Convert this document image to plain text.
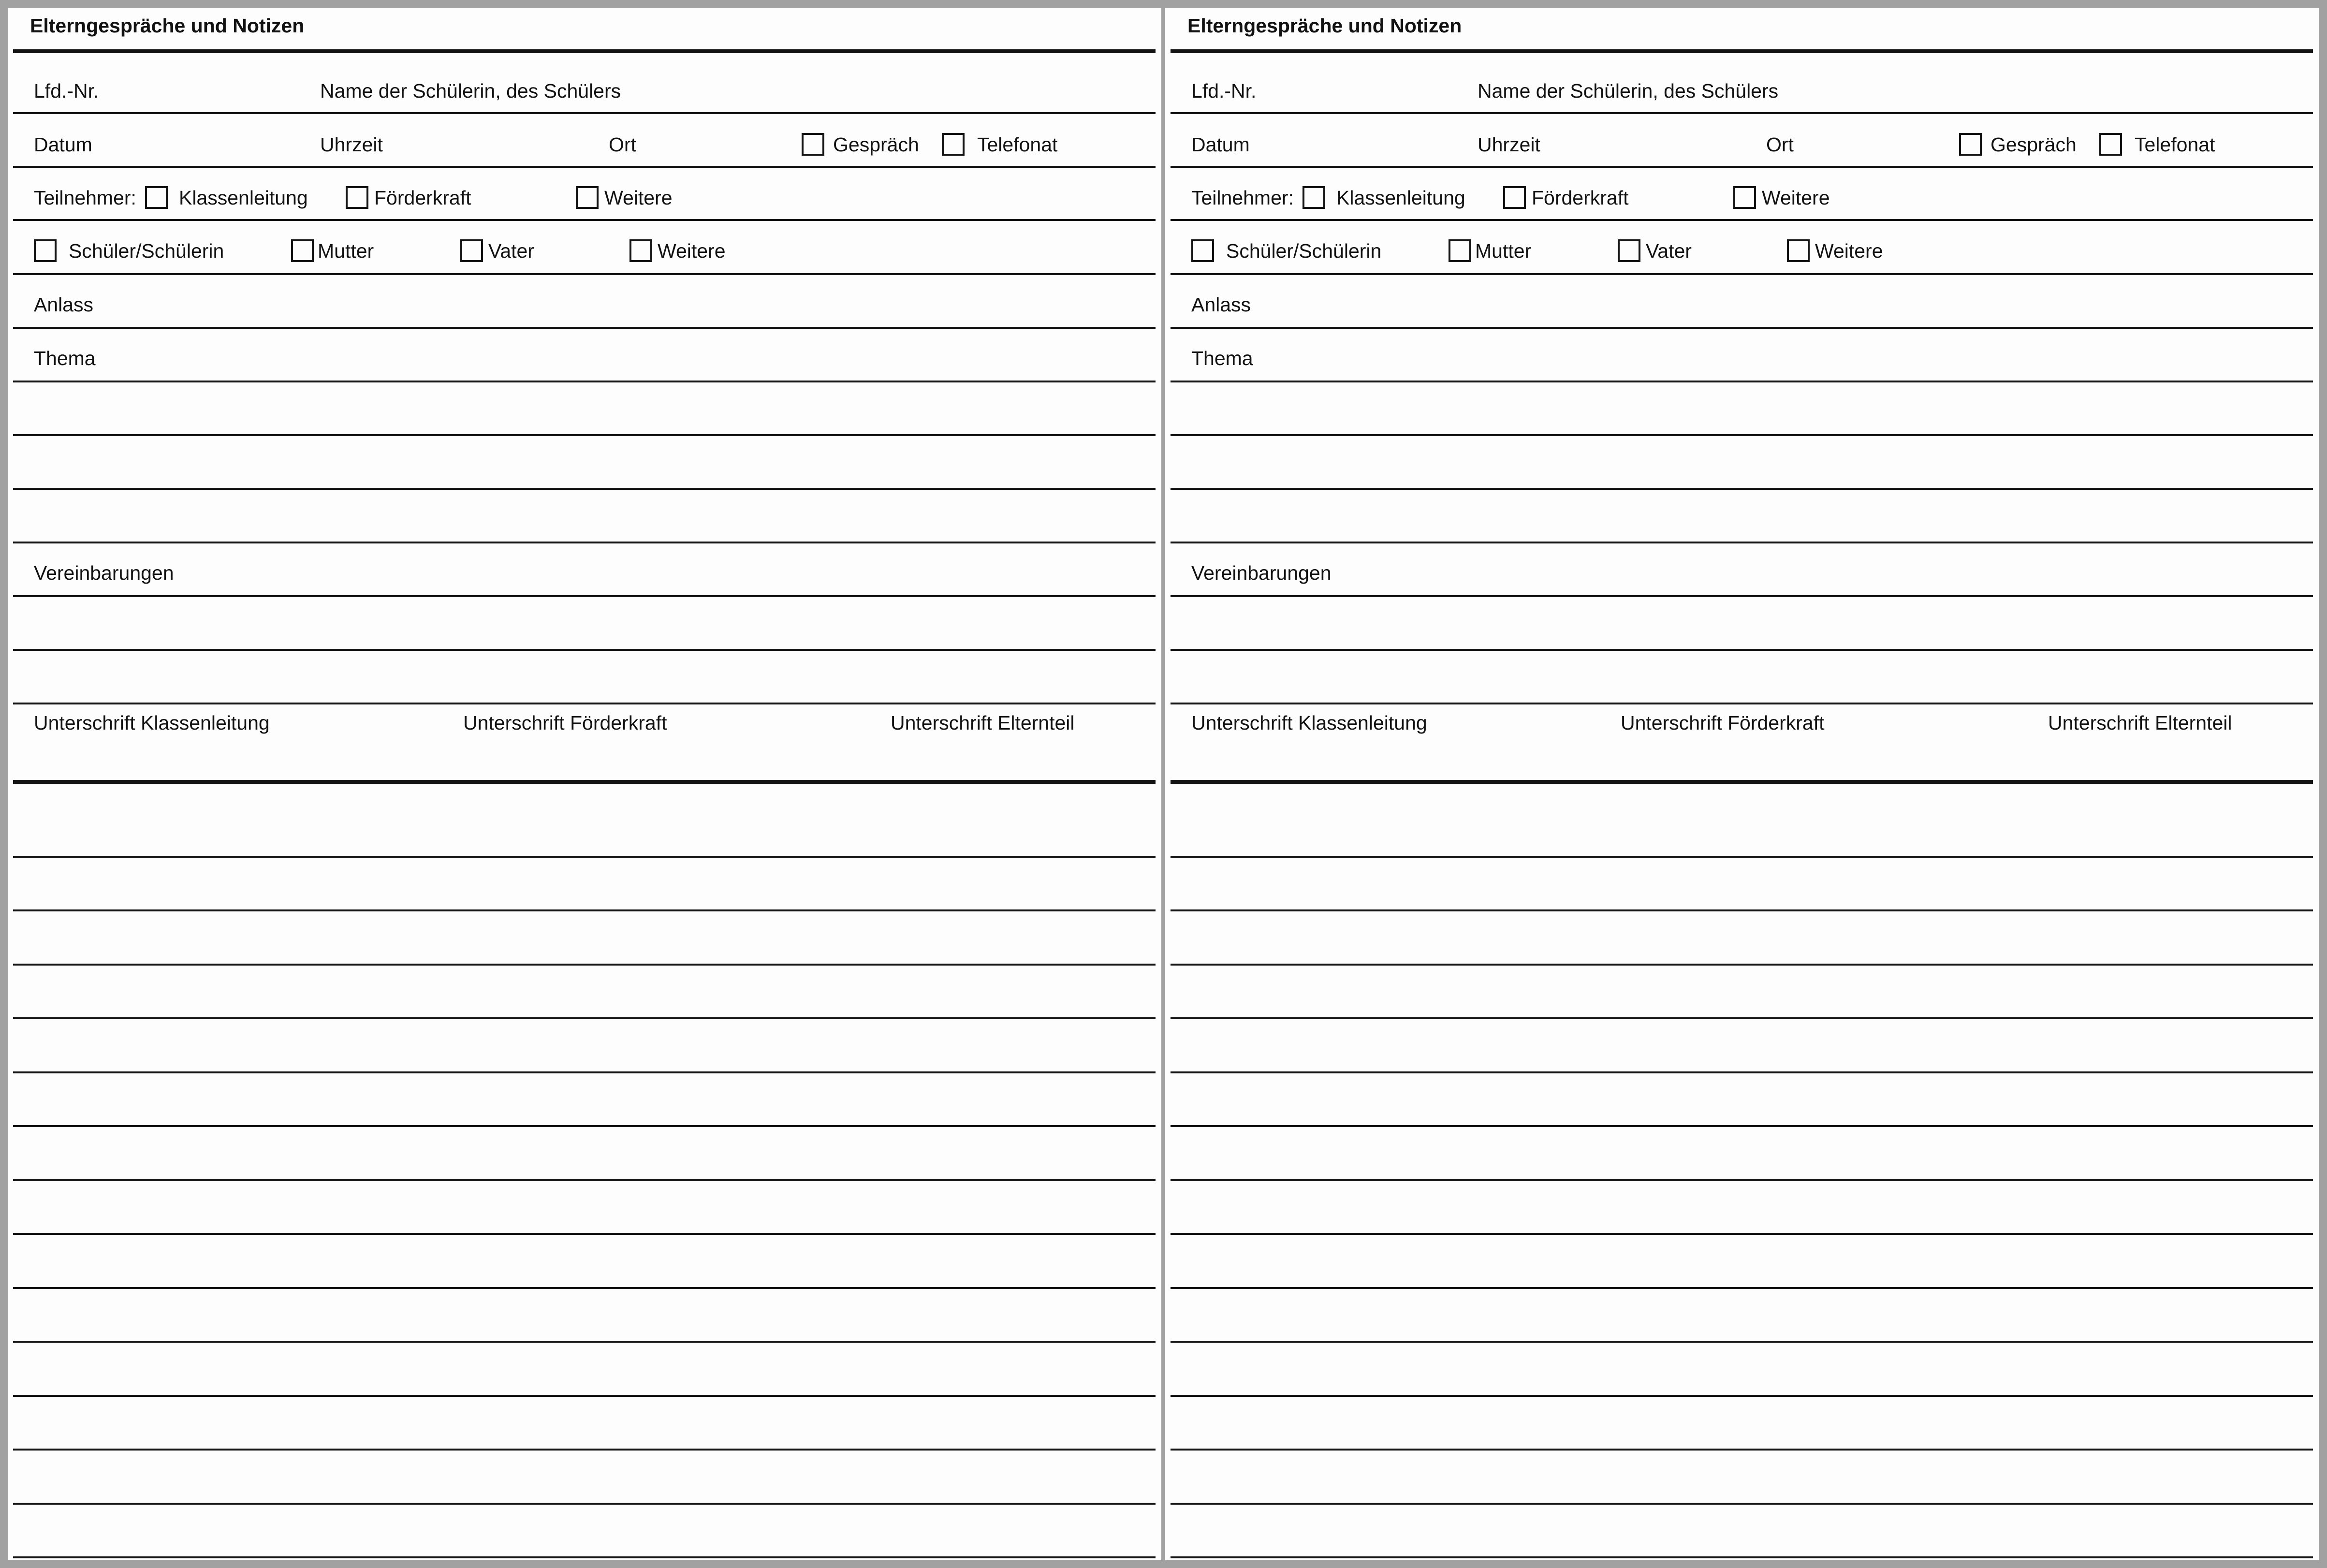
Elterngespräche und Notizen
Lfd.-Nr.	Name der Schülerin, des Schülers
Datum	Uhrzeit	Ort	Gespräch	Telefonat
Teilnehmer: Klassenleitung	Förderkraft	Weitere
Schüler/Schülerin	Mutter	Vater	Weitere
Anlass
Thema
Vereinbarungen
Unterschrift Klassenleitung	Unterschrift Förderkraft	Unterschrift Elternteil
Elterngespräche und Notizen
Lfd.-Nr.	Name der Schülerin, des Schülers
Datum	Uhrzeit	Ort	Gespräch	Telefonat
Teilnehmer: Klassenleitung	Förderkraft	Weitere
Schüler/Schülerin	Mutter	Vater	Weitere
Anlass
Thema
Vereinbarungen
Unterschrift Klassenleitung	Unterschrift Förderkraft	Unterschrift Elternteil
